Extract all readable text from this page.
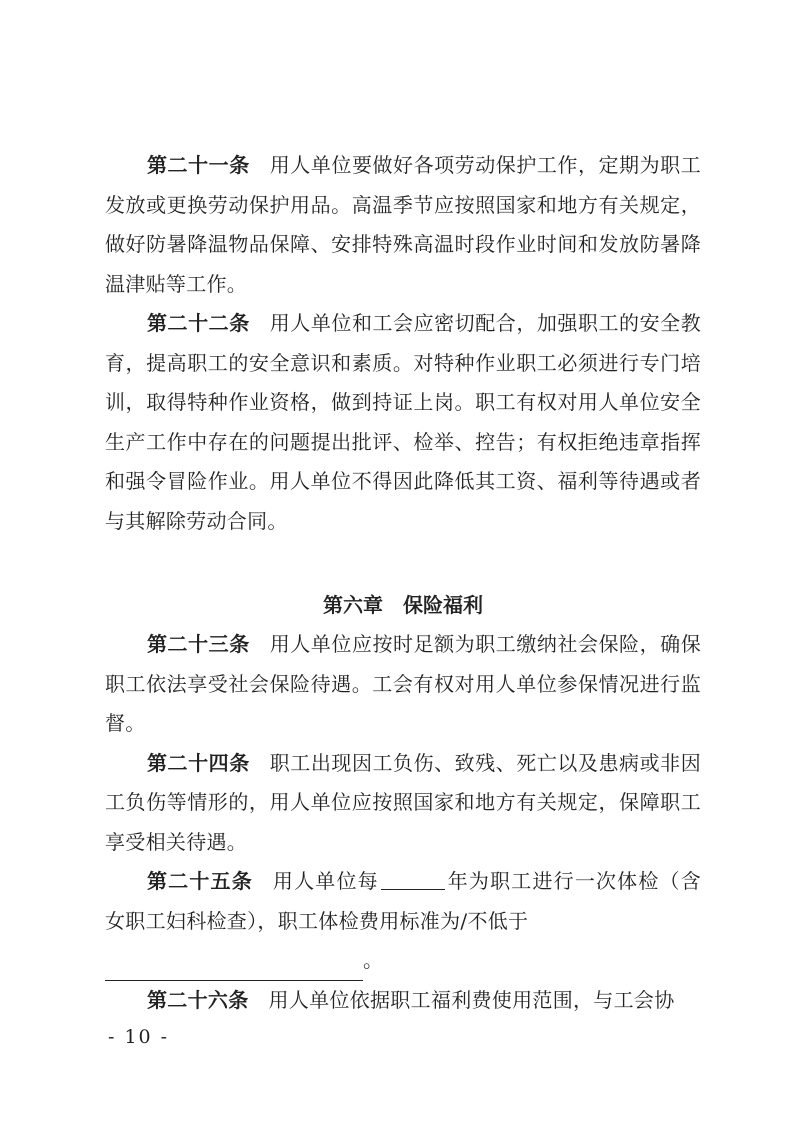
第二十一条 用人单位要做好各项劳动保护工作，定期为职工发放或更换劳动保护用品。高温季节应按照国家和地方有关规定，做好防暑降温物品保障、安排特殊高温时段作业时间和发放防暑降温津贴等工作。

第二十二条 用人单位和工会应密切配合，加强职工的安全教育，提高职工的安全意识和素质。对特种作业职工必须进行专门培训，取得特种作业资格，做到持证上岗。职工有权对用人单位安全生产工作中存在的问题提出批评、检举、控告；有权拒绝违章指挥和强令冒险作业。用人单位不得因此降低其工资、福利等待遇或者与其解除劳动合同。

第六章 保险福利

第二十三条 用人单位应按时足额为职工缴纳社会保险，确保职工依法享受社会保险待遇。工会有权对用人单位参保情况进行监督。

第二十四条 职工出现因工负伤、致残、死亡以及患病或非因工负伤等情形的，用人单位应按照国家和地方有关规定，保障职工享受相关待遇。

第二十五条 用人单位每	年为职工进行一次体检（含女职工妇科检查），职工体检费用标准为/不低于
。

第二十六条 用人单位依据职工福利费使用范围，与工会协

- 10 -
